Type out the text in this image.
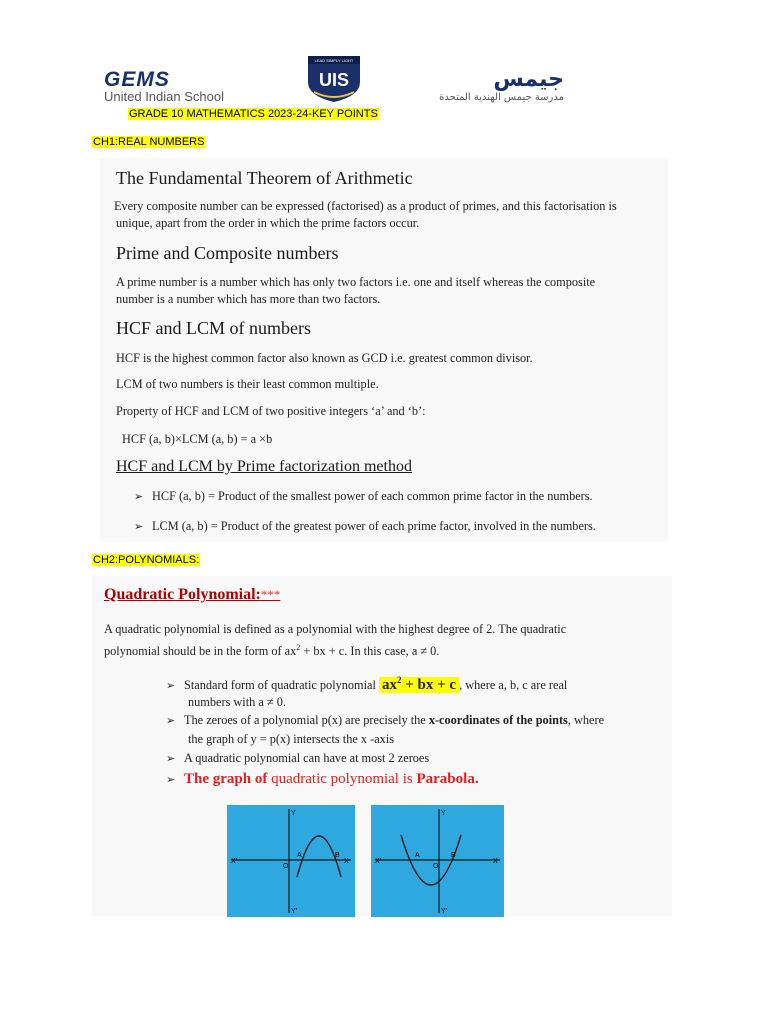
GEMS
United Indian School
LEAD SIMPLY LIGHT
UIS	جيمس
مدرسة جيمس الهندية المتحدة
GRADE 10 MATHEMATICS 2023-24-KEY POINTS
CH1:REAL NUMBERS
The Fundamental Theorem of Arithmetic
Every composite number can be expressed (factorised) as a product of primes, and this factorisation is
unique, apart from the order in which the prime factors occur.
Prime and Composite numbers
A prime number is a number which has only two factors i.e. one and itself whereas the composite
number is a number which has more than two factors.
HCF and LCM of numbers
HCF is the highest common factor also known as GCD i.e. greatest common divisor.
LCM of two numbers is their least common multiple.
Property of HCF and LCM of two positive integers ‘a’ and ‘b’:
HCF (a, b)×LCM (a, b) = a ×b
HCF and LCM by Prime factorization method
➢ HCF (a, b) = Product of the smallest power of each common prime factor in the numbers.
➢ LCM (a, b) = Product of the greatest power of each prime factor, involved in the numbers.
CH2:POLYNOMIALS:
Quadratic Polynomial:***
A quadratic polynomial is defined as a polynomial with the highest degree of 2. The quadratic
polynomial should be in the form of $ax^2$ + bx + c. In this case, a ≠ 0.
➢ Standard form of quadratic polynomial $ax^2$ + bx + c , where a, b, c are real
numbers with a ≠ 0.
➢ The zeroes of a polynomial p(x) are precisely the x-coordinates of the points, where
the graph of y = p(x) intersects the x -axis
➢ A quadratic polynomial can have at most 2 zeroes
➢ The graph of quadratic polynomial is Parabola.
X'	X
Y
Y'
O
A	B
X'	X
Y
Y'
O
A	B
